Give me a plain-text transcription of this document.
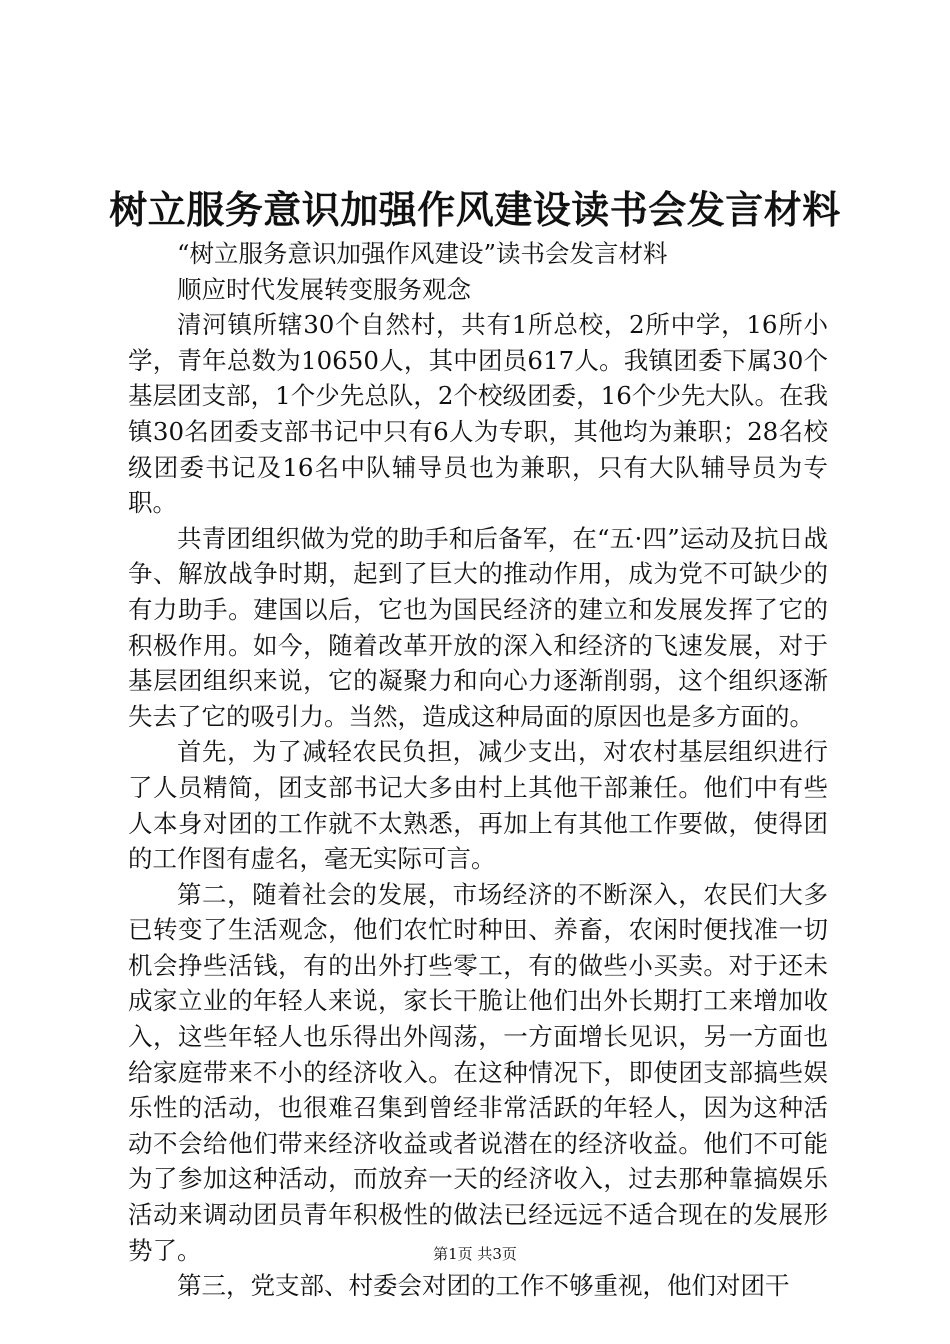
树立服务意识加强作风建设读书会发言材料

“树立服务意识加强作风建设”读书会发言材料

顺应时代发展转变服务观念

清河镇所辖30个自然村，共有1所总校，2所中学，16所小学，青年总数为10650人，其中团员617人。我镇团委下属30个基层团支部，1个少先总队，2个校级团委，16个少先大队。在我镇30名团委支部书记中只有6人为专职，其他均为兼职；28名校级团委书记及16名中队辅导员也为兼职，只有大队辅导员为专职。

共青团组织做为党的助手和后备军，在“五·四”运动及抗日战争、解放战争时期，起到了巨大的推动作用，成为党不可缺少的有力助手。建国以后，它也为国民经济的建立和发展发挥了它的积极作用。如今，随着改革开放的深入和经济的飞速发展，对于基层团组织来说，它的凝聚力和向心力逐渐削弱，这个组织逐渐失去了它的吸引力。当然，造成这种局面的原因也是多方面的。

首先，为了减轻农民负担，减少支出，对农村基层组织进行了人员精简，团支部书记大多由村上其他干部兼任。他们中有些人本身对团的工作就不太熟悉，再加上有其他工作要做，使得团的工作图有虚名，毫无实际可言。

第二，随着社会的发展，市场经济的不断深入，农民们大多已转变了生活观念，他们农忙时种田、养畜，农闲时便找准一切机会挣些活钱，有的出外打些零工，有的做些小买卖。对于还未成家立业的年轻人来说，家长干脆让他们出外长期打工来增加收入，这些年轻人也乐得出外闯荡，一方面增长见识，另一方面也给家庭带来不小的经济收入。在这种情况下，即使团支部搞些娱乐性的活动，也很难召集到曾经非常活跃的年轻人，因为这种活动不会给他们带来经济收益或者说潜在的经济收益。他们不可能为了参加这种活动，而放弃一天的经济收入，过去那种靠搞娱乐活动来调动团员青年积极性的做法已经远远不适合现在的发展形势了。

第三，党支部、村委会对团的工作不够重视，他们对团干

第1页 共3页
